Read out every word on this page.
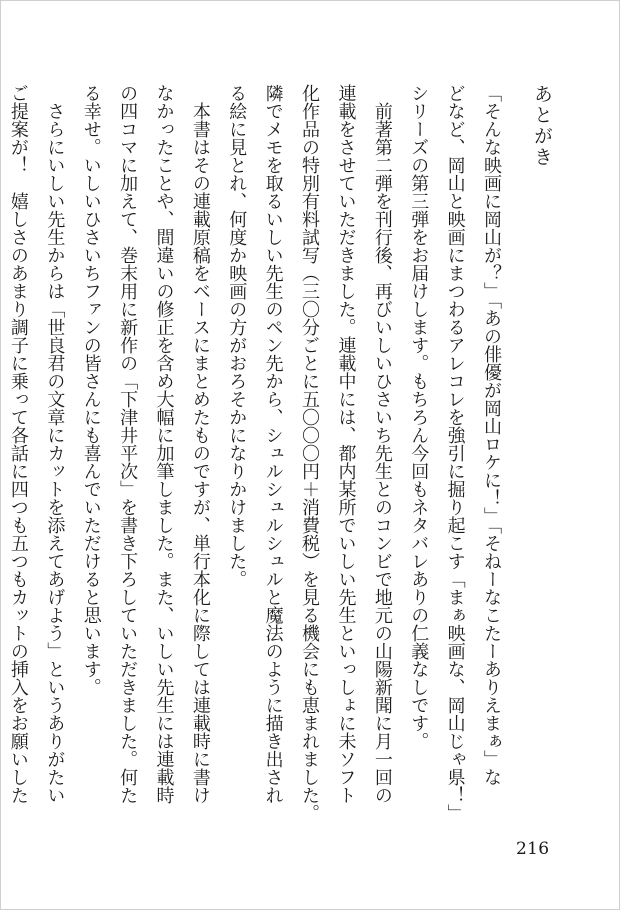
あとがき
「そんな映画に岡山が？」「あの俳優が岡山ロケに！」「そねーなこたーありえまぁ」な
どなど、岡山と映画にまつわるアレコレを強引に掘り起こす「まぁ映画な、岡山じゃ県！」
シリーズの第三弾をお届けします。もちろん今回もネタバレありの仁義なしです。
　前著第二弾を刊行後、再びいしいひさいち先生とのコンビで地元の山陽新聞に月一回の
連載をさせていただきました。連載中には、都内某所でいしい先生といっしょに未ソフト
化作品の特別有料試写（三〇分ごとに五〇〇〇円＋消費税）を見る機会にも恵まれました。
隣でメモを取るいしい先生のペン先から、シュルシュルシュルと魔法のように描き出され
る絵に見とれ、何度か映画の方がおろそかになりかけました。
　本書はその連載原稿をベースにまとめたものですが、単行本化に際しては連載時に書け
なかったことや、間違いの修正を含め大幅に加筆しました。また、いしい先生には連載時
の四コマに加えて、巻末用に新作の「下津井平次」を書き下ろしていただきました。何た
る幸せ。いしいひさいちファンの皆さんにも喜んでいただけると思います。
　さらにいしい先生からは「世良君の文章にカットを添えてあげよう」というありがたい
ご提案が！　嬉しさのあまり調子に乗って各話に四つも五つもカットの挿入をお願いした
216
